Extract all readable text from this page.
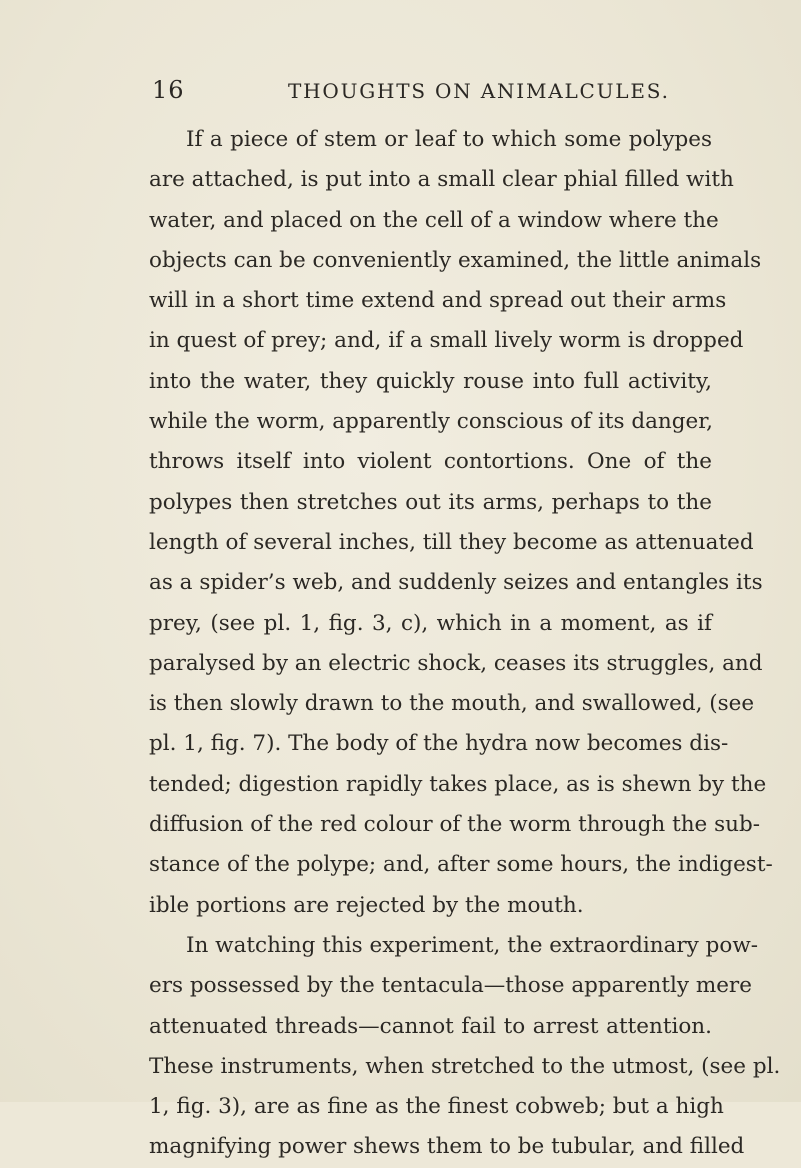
16	THOUGHTS ON ANIMALCULES.
If a piece of stem or leaf to which some polypes
are attached, is put into a small clear phial filled with
water, and placed on the cell of a window where the
objects can be conveniently examined, the little animals
will in a short time extend and spread out their arms
in quest of prey; and, if a small lively worm is dropped
into the water, they quickly rouse into full activity,
while the worm, apparently conscious of its danger,
throws itself into violent contortions. One of the
polypes then stretches out its arms, perhaps to the
length of several inches, till they become as attenuated
as a spider’s web, and suddenly seizes and entangles its
prey, (see pl. 1, fig. 3, c), which in a moment, as if
paralysed by an electric shock, ceases its struggles, and
is then slowly drawn to the mouth, and swallowed, (see
pl. 1, fig. 7). The body of the hydra now becomes dis-
tended; digestion rapidly takes place, as is shewn by the
diffusion of the red colour of the worm through the sub-
stance of the polype; and, after some hours, the indigest-
ible portions are rejected by the mouth.
In watching this experiment, the extraordinary pow-
ers possessed by the tentacula—those apparently mere
attenuated threads—cannot fail to arrest attention.
These instruments, when stretched to the utmost, (see pl.
1, fig. 3), are as fine as the finest cobweb; but a high
magnifying power shews them to be tubular, and filled
